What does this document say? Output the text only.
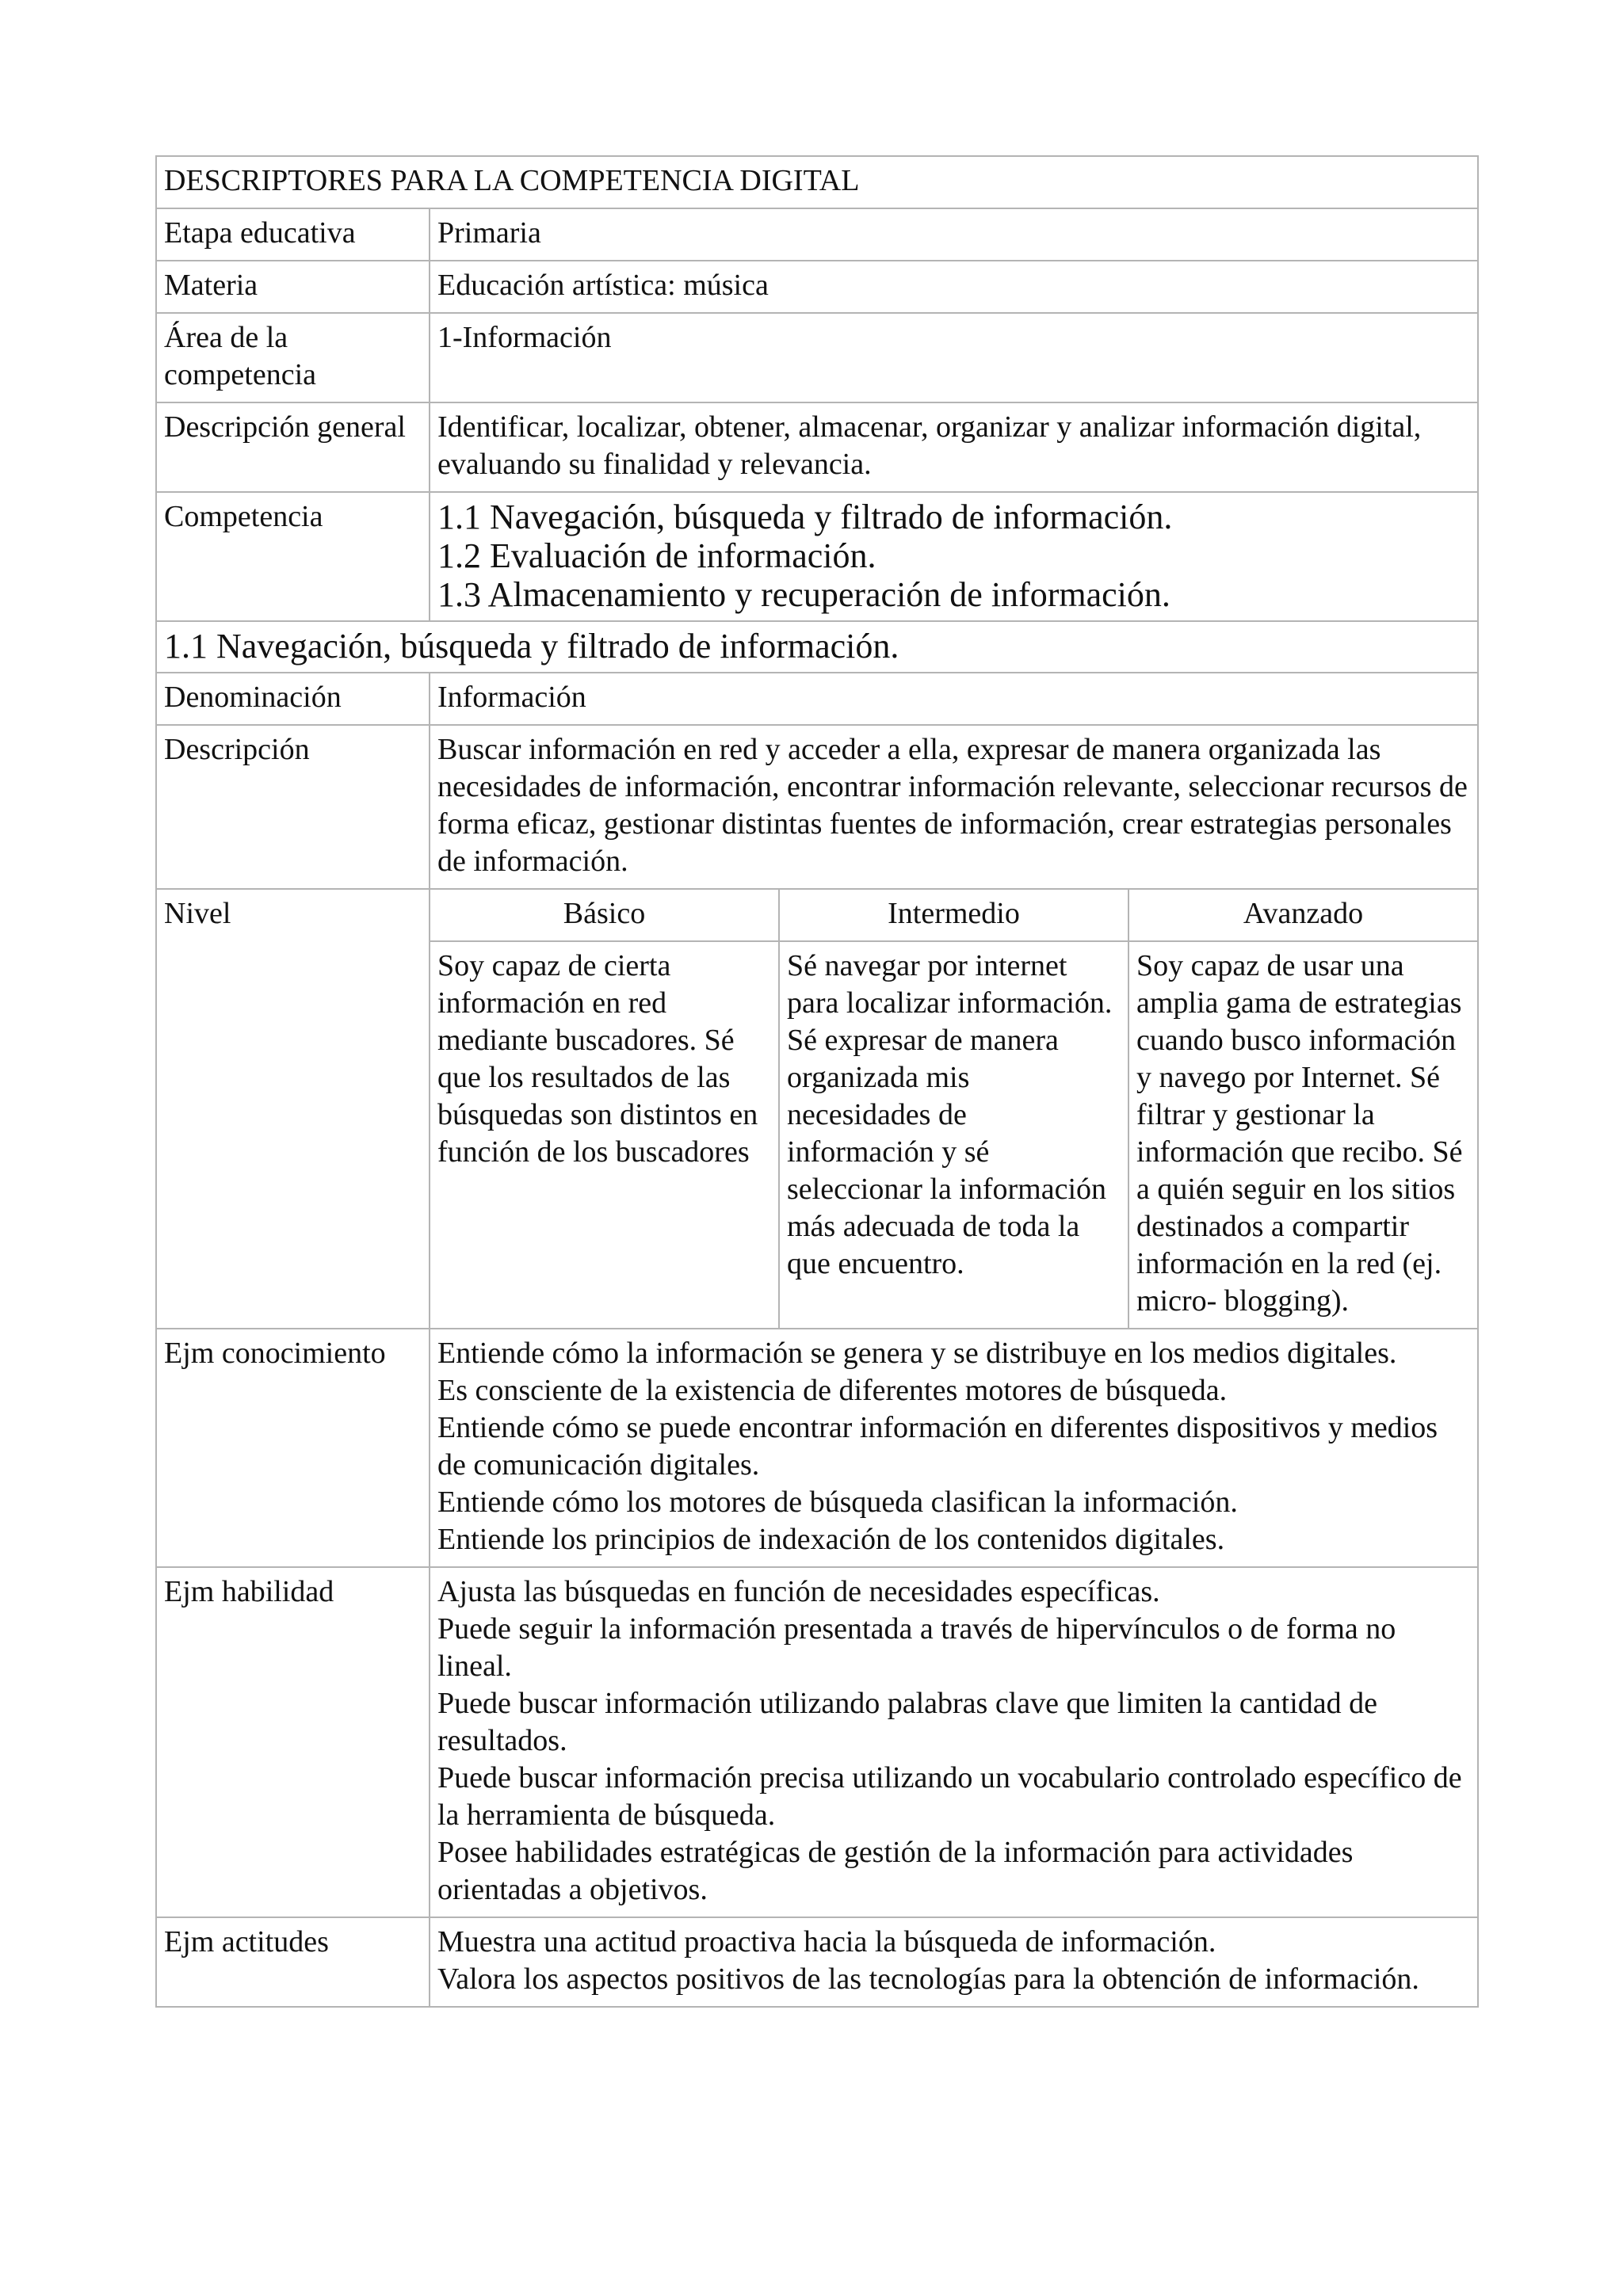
DESCRIPTORES PARA LA COMPETENCIA DIGITAL			
Etapa educativa	Primaria		
Materia	Educación artística: música		
Área de la competencia	1-Información		
Descripción general	Identificar, localizar, obtener, almacenar, organizar y analizar información digital, evaluando su finalidad y relevancia.		
Competencia	1.1 Navegación, búsqueda y filtrado de información.
1.2 Evaluación de información.
1.3 Almacenamiento y recuperación de información.		

1.1 Navegación, búsqueda y filtrado de información.			
Denominación	Información		
Descripción	Buscar información en red y acceder a ella, expresar de manera organizada las necesidades de información, encontrar información relevante, seleccionar recursos de forma eficaz, gestionar distintas fuentes de información, crear estrategias personales de información.		
Nivel	Básico	Intermedio	Avanzado
	Soy capaz de cierta información en red mediante buscadores. Sé que los resultados de las búsquedas son distintos en función de los buscadores	Sé navegar por internet para localizar información. Sé expresar de manera organizada mis necesidades de información y sé seleccionar la información más adecuada de toda la que encuentro.	Soy capaz de usar una amplia gama de estrategias cuando busco información y navego por Internet. Sé filtrar y gestionar la información que recibo. Sé a quién seguir en los sitios destinados a compartir información en la red (ej. micro- blogging).
Ejm conocimiento	Entiende cómo la información se genera y se distribuye en los medios digitales.
Es consciente de la existencia de diferentes motores de búsqueda.
Entiende cómo se puede encontrar información en diferentes dispositivos y medios de comunicación digitales.
Entiende cómo los motores de búsqueda clasifican la información.
Entiende los principios de indexación de los contenidos digitales.		

Ejm habilidad	Ajusta las búsquedas en función de necesidades específicas.
Puede seguir la información presentada a través de hipervínculos o de forma no lineal.
Puede buscar información utilizando palabras clave que limiten la cantidad de resultados.
Puede buscar información precisa utilizando un vocabulario controlado específico de la herramienta de búsqueda.
Posee habilidades estratégicas de gestión de la información para actividades orientadas a objetivos.		

Ejm actitudes	Muestra una actitud proactiva hacia la búsqueda de información.
Valora los aspectos positivos de las tecnologías para la obtención de información.		
